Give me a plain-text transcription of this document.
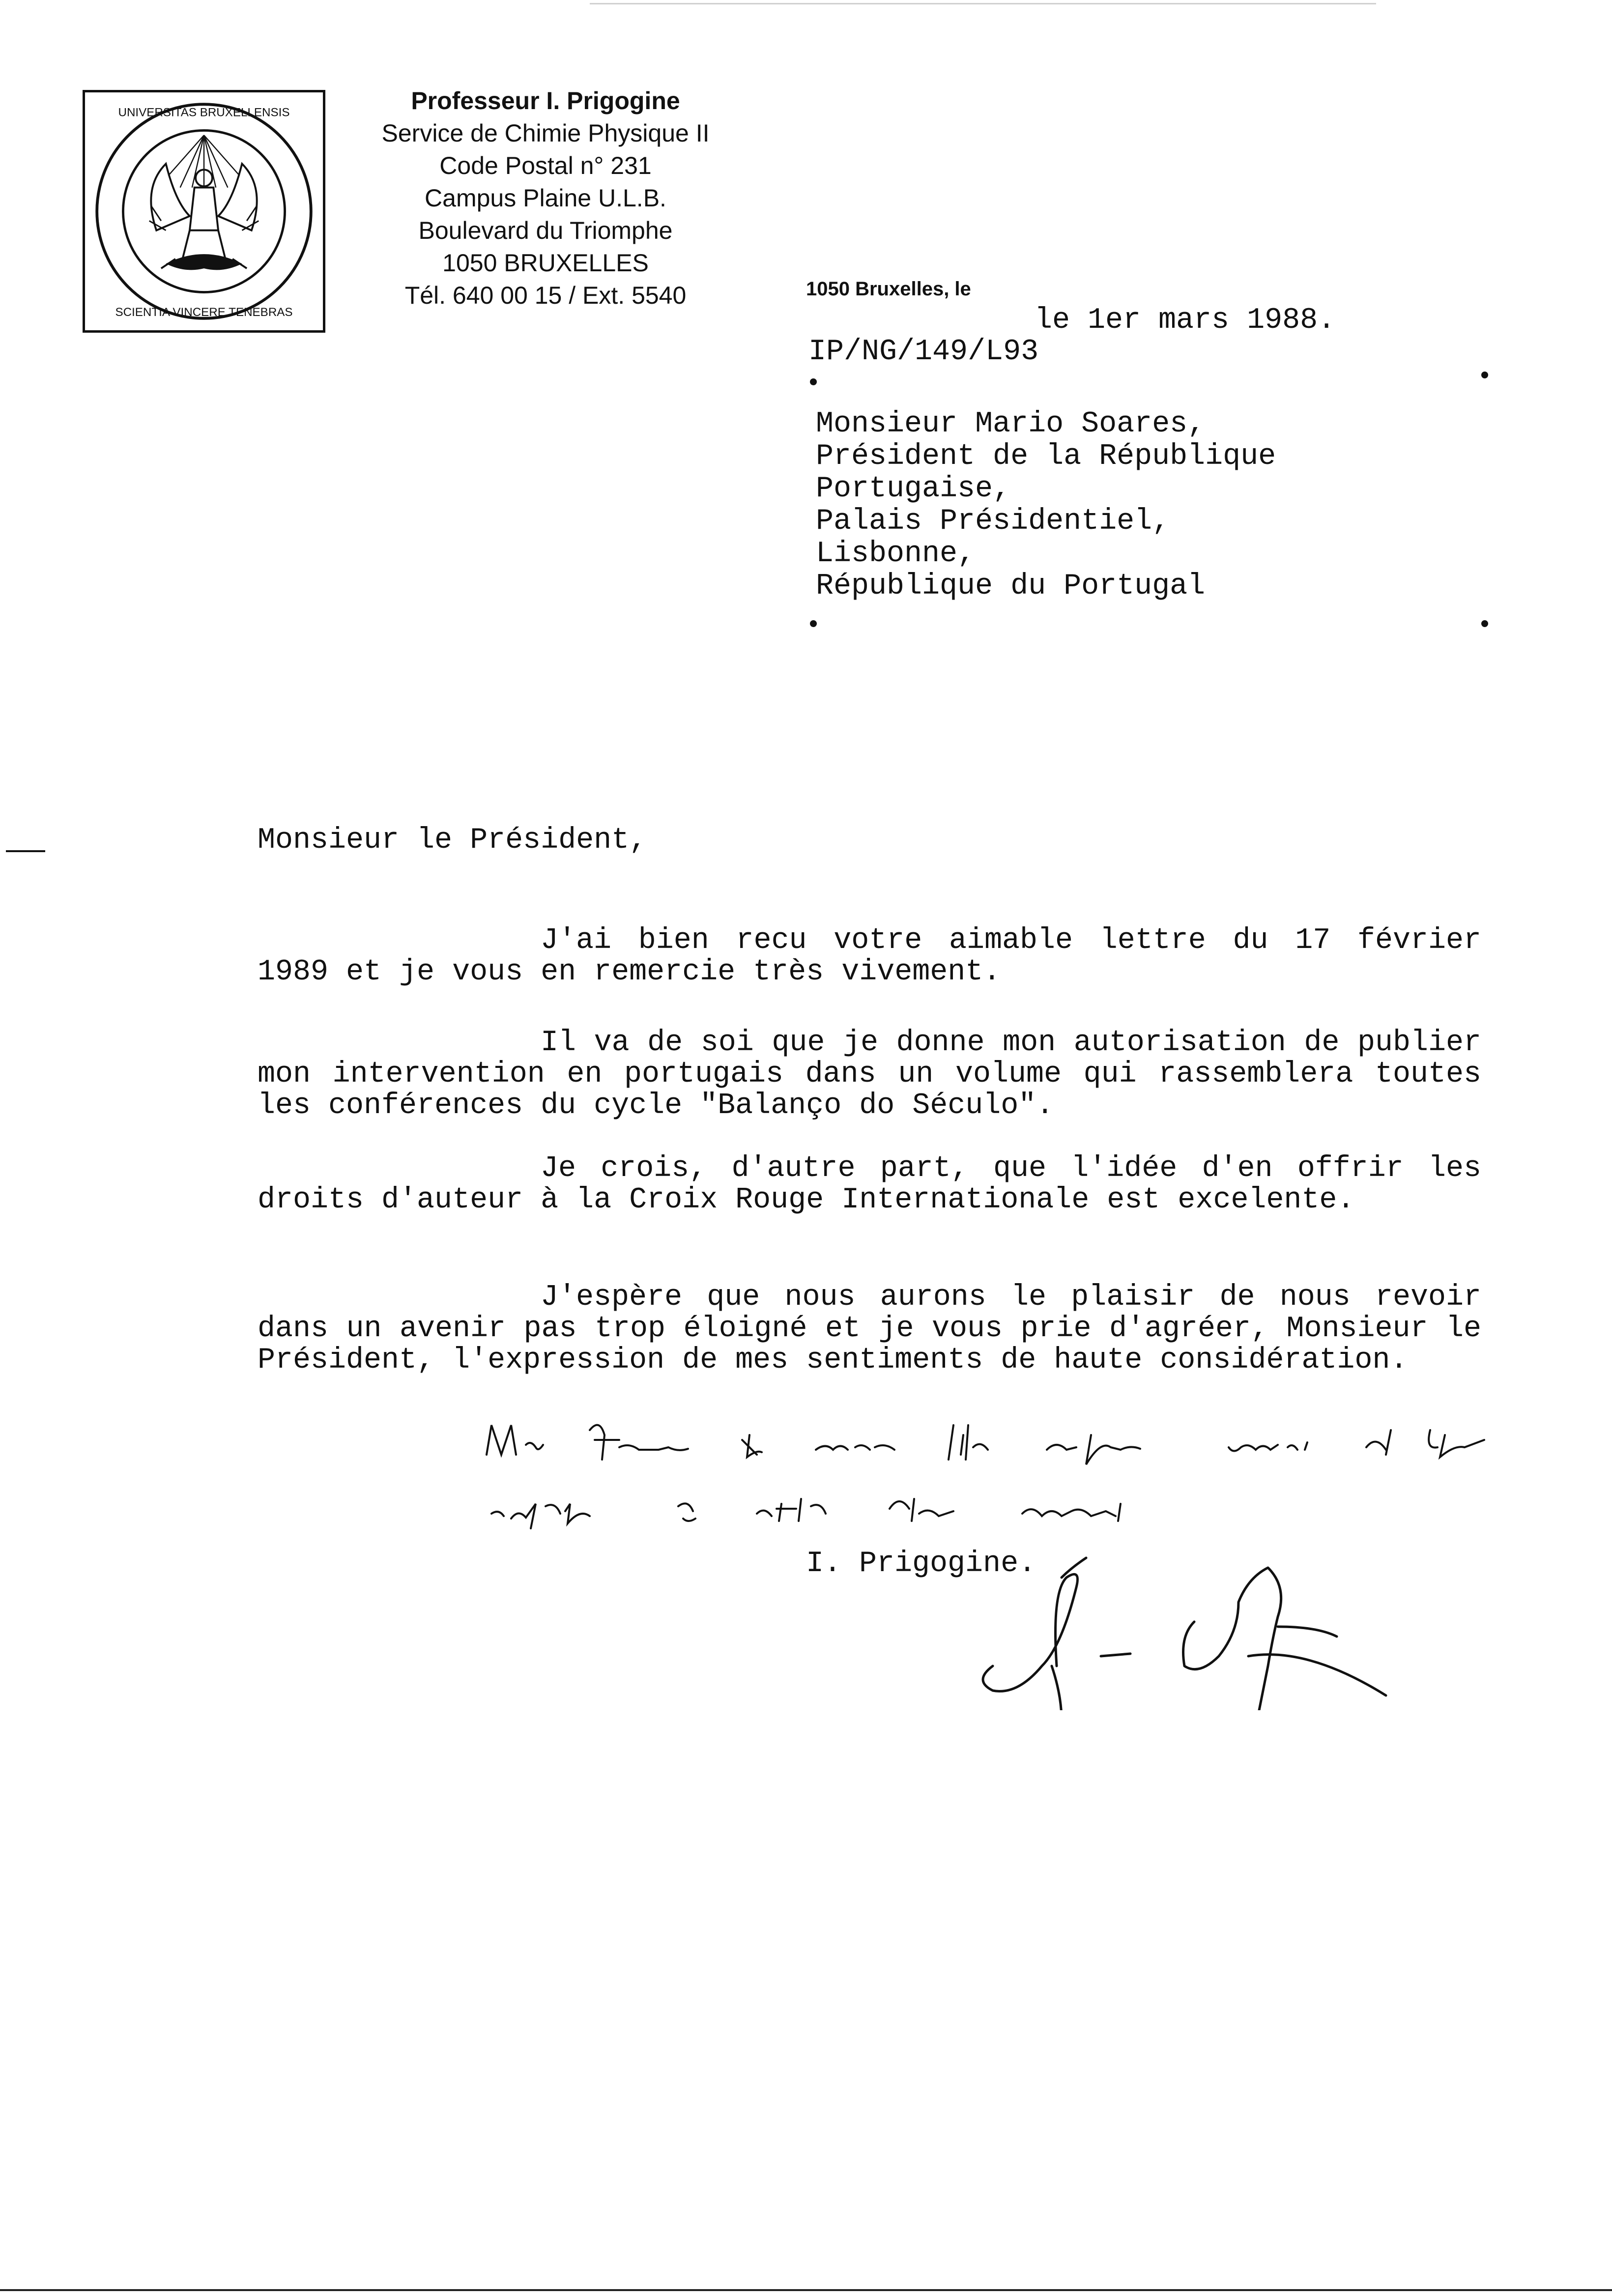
UNIVERSITAS BRUXELLENSIS
SCIENTIA VINCERE TENEBRAS
Professeur I. Prigogine
Service de Chimie Physique II
Code Postal n° 231
Campus Plaine U.L.B.
Boulevard du Triomphe
1050 BRUXELLES
Tél. 640 00 15 / Ext. 5540	1050 Bruxelles, le
le 1er mars 1988.
IP/NG/149/L93
Monsieur Mario Soares,
Président de la République
Portugaise,
Palais Présidentiel,
Lisbonne,
République du Portugal
Monsieur le Président,

J'ai bien recu votre aimable lettre du 17 février 1989 et je vous en remercie très vivement.

Il va de soi que je donne mon autorisation de publier mon intervention en portugais dans un volume qui rassemblera toutes les conférences du cycle "Balanço do Século".

Je crois, d'autre part, que l'idée d'en offrir les droits d'auteur à la Croix Rouge Internationale est excelente.

J'espère que nous aurons le plaisir de nous revoir dans un avenir pas trop éloigné et je vous prie d'agréer, Monsieur le Président, l'expression de mes sentiments de haute considération.

I. Prigogine.
